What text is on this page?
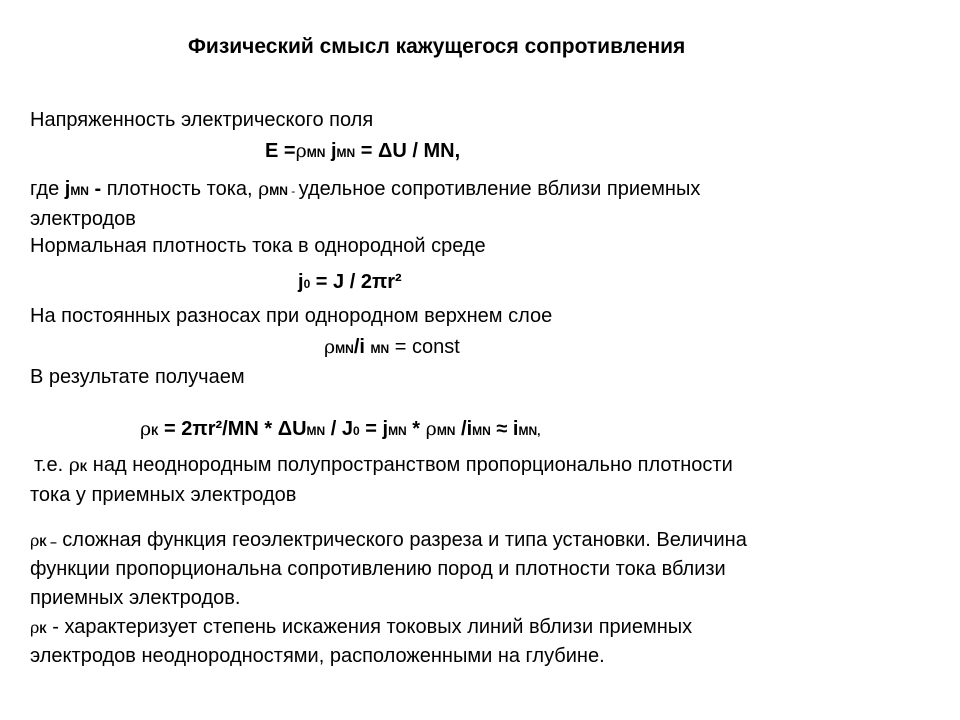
Физический смысл кажущегося сопротивления
Напряженность электрического поля
E =ρMN jMN = ΔU / MN,
где jMN - плотность тока, ρMN - удельное сопротивление вблизи приемных
электродов
Нормальная плотность тока в однородной среде
j0 = J / 2πr²
На постоянных разносах при однородном верхнем слое
ρMN/i MN = const
В результате получаем
ρК = 2πr²/MN * ΔUMN / J0 = jMN * ρMN /iMN ≈ iMN,
т.е. ρК над неоднородным полупространством пропорционально плотности
тока у приемных электродов
ρК – сложная функция геоэлектрического разреза и типа установки. Величина
функции пропорциональна сопротивлению пород и плотности тока вблизи
приемных электродов.
ρК - характеризует степень искажения токовых линий вблизи приемных
электродов неоднородностями, расположенными на глубине.
